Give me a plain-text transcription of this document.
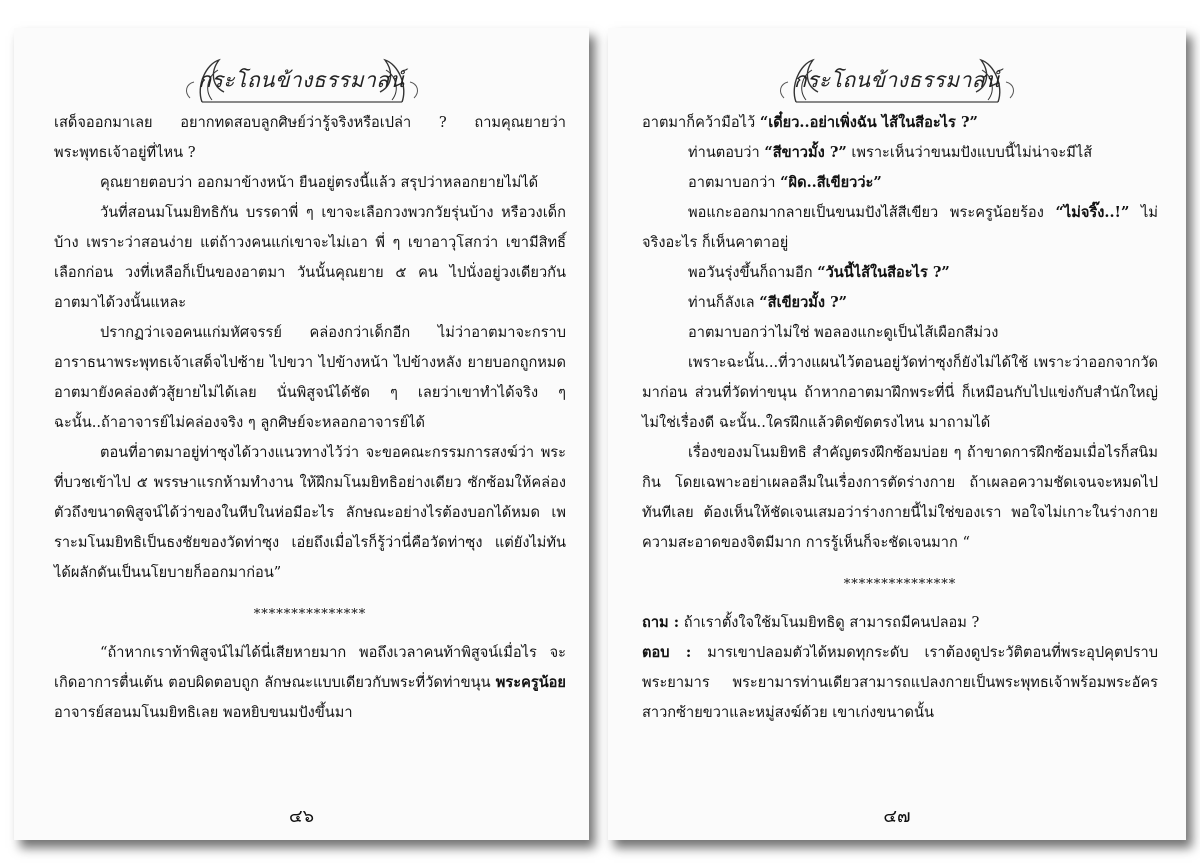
กระโถนข้างธรรมาสน์

เสด็จออกมาเลย อยากทดสอบลูกศิษย์ว่ารู้จริงหรือเปล่า ? ถามคุณยายว่า พระพุทธเจ้าอยู่ที่ไหน ?

คุณยายตอบว่า ออกมาข้างหน้า ยืนอยู่ตรงนี้แล้ว สรุปว่าหลอกยายไม่ได้

วันที่สอนมโนมยิทธิกัน บรรดาพี่ ๆ เขาจะเลือกวงพวกวัยรุ่นบ้าง หรือวงเด็กบ้าง เพราะว่าสอนง่าย แต่ถ้าวงคนแก่เขาจะไม่เอา พี่ ๆ เขาอาวุโสกว่า เขามีสิทธิ์เลือกก่อน วงที่เหลือก็เป็นของอาตมา วันนั้นคุณยาย ๕ คน ไปนั่งอยู่วงเดียวกัน อาตมาได้วงนั้นแหละ

ปรากฏว่าเจอคนแก่มหัศจรรย์ คล่องกว่าเด็กอีก ไม่ว่าอาตมาจะกราบอาราธนาพระพุทธเจ้าเสด็จไปซ้าย ไปขวา ไปข้างหน้า ไปข้างหลัง ยายบอกถูกหมด อาตมายังคล่องตัวสู้ยายไม่ได้เลย นั่นพิสูจน์ได้ชัด ๆ เลยว่าเขาทำได้จริง ๆ ฉะนั้น..ถ้าอาจารย์ไม่คล่องจริง ๆ ลูกศิษย์จะหลอกอาจารย์ได้

ตอนที่อาตมาอยู่ท่าซุงได้วางแนวทางไว้ว่า จะขอคณะกรรมการสงฆ์ว่า พระที่บวชเข้าไป ๕ พรรษาแรกห้ามทำงาน ให้ฝึกมโนมยิทธิอย่างเดียว ซักซ้อมให้คล่องตัวถึงขนาดพิสูจน์ได้ว่าของในหีบในห่อมีอะไร ลักษณะอย่างไรต้องบอกได้หมด เพราะมโนมยิทธิเป็นธงชัยของวัดท่าซุง เอ่ยถึงเมื่อไรก็รู้ว่านี่คือวัดท่าซุง แต่ยังไม่ทันได้ผลักดันเป็นนโยบายก็ออกมาก่อน”

***************

“ถ้าหากเราท้าพิสูจน์ไม่ได้นี่เสียหายมาก พอถึงเวลาคนท้าพิสูจน์เมื่อไร จะเกิดอาการตื่นเต้น ตอบผิดตอบถูก ลักษณะแบบเดียวกับพระที่วัดท่าขนุน พระครูน้อย อาจารย์สอนมโนมยิทธิเลย พอหยิบขนมปังขึ้นมา

๔๖
กระโถนข้างธรรมาสน์

อาตมาก็คว้ามือไว้ “เดี๋ยว..อย่าเพิ่งฉัน ไส้ในสีอะไร ?”

ท่านตอบว่า “สีขาวมั้ง ?” เพราะเห็นว่าขนมปังแบบนี้ไม่น่าจะมีไส้

อาตมาบอกว่า “ผิด..สีเขียวว่ะ”

พอแกะออกมากลายเป็นขนมปังไส้สีเขียว พระครูน้อยร้อง “ไม่จริ๊ง..!” ไม่จริงอะไร ก็เห็นคาตาอยู่

พอวันรุ่งขึ้นก็ถามอีก “วันนี้ไส้ในสีอะไร ?”

ท่านก็ลังเล “สีเขียวมั้ง ?”

อาตมาบอกว่าไม่ใช่ พอลองแกะดูเป็นไส้เผือกสีม่วง

เพราะฉะนั้น...ที่วางแผนไว้ตอนอยู่วัดท่าซุงก็ยังไม่ได้ใช้ เพราะว่าออกจากวัดมาก่อน ส่วนที่วัดท่าขนุน ถ้าหากอาตมาฝึกพระที่นี่ ก็เหมือนกับไปแข่งกับสำนักใหญ่ ไม่ใช่เรื่องดี ฉะนั้น..ใครฝึกแล้วติดขัดตรงไหน มาถามได้

เรื่องของมโนมยิทธิ สำคัญตรงฝึกซ้อมบ่อย ๆ ถ้าขาดการฝึกซ้อมเมื่อไรก็สนิมกิน โดยเฉพาะอย่าเผลอลืมในเรื่องการตัดร่างกาย ถ้าเผลอความชัดเจนจะหมดไปทันทีเลย ต้องเห็นให้ชัดเจนเสมอว่าร่างกายนี้ไม่ใช่ของเรา พอใจไม่เกาะในร่างกาย ความสะอาดของจิตมีมาก การรู้เห็นก็จะชัดเจนมาก “

***************

ถาม : ถ้าเราตั้งใจใช้มโนมยิทธิดู สามารถมีคนปลอม ?

ตอบ : มารเขาปลอมตัวได้หมดทุกระดับ เราต้องดูประวัติตอนที่พระอุปคุตปราบพระยามาร พระยามารท่านเดียวสามารถแปลงกายเป็นพระพุทธเจ้าพร้อมพระอัครสาวกซ้ายขวาและหมู่สงฆ์ด้วย เขาเก่งขนาดนั้น

๔๗
